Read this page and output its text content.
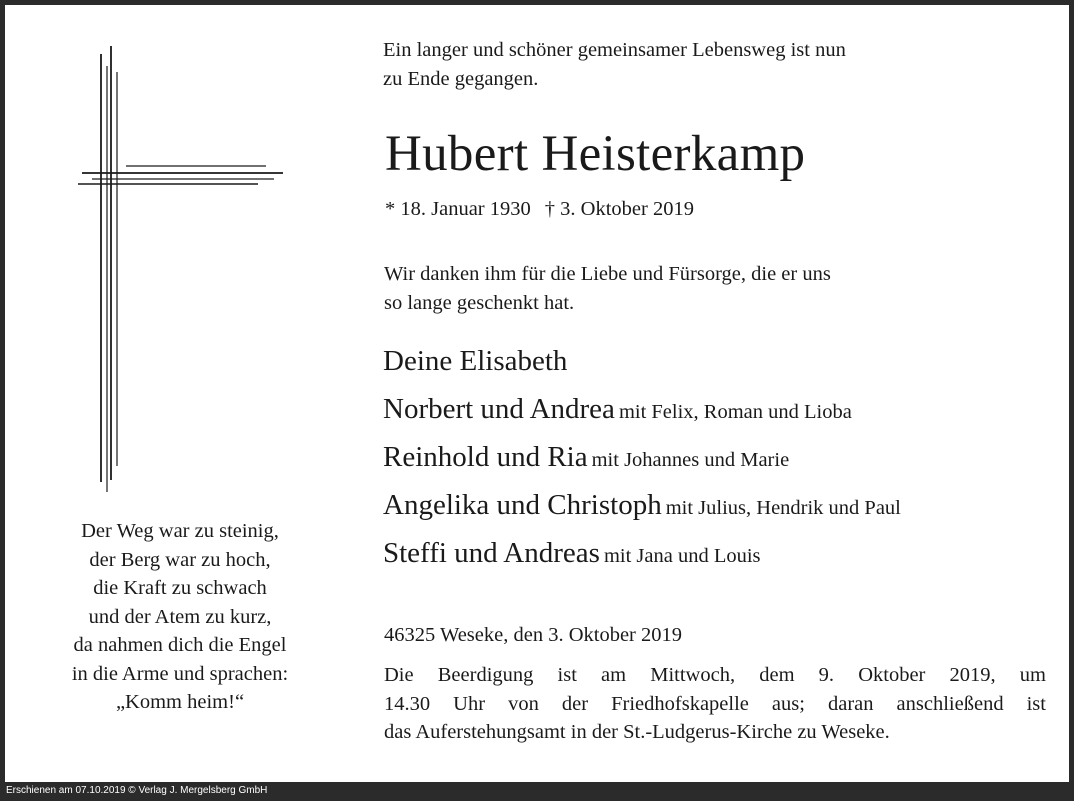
Der Weg war zu steinig,
der Berg war zu hoch,
die Kraft zu schwach
und der Atem zu kurz,
da nahmen dich die Engel
in die Arme und sprachen:
„Komm heim!“
Ein langer und schöner gemeinsamer Lebensweg ist nun
zu Ende gegangen.
Hubert Heisterkamp
* 18. Januar 1930 † 3. Oktober 2019
Wir danken ihm für die Liebe und Fürsorge, die er uns
so lange geschenkt hat.
Deine Elisabeth
Norbert und Andrea mit Felix, Roman und Lioba
Reinhold und Ria mit Johannes und Marie
Angelika und Christoph mit Julius, Hendrik und Paul
Steffi und Andreas mit Jana und Louis
46325 Weseke, den 3. Oktober 2019
Die Beerdigung ist am Mittwoch, dem 9. Oktober 2019, um
14.30 Uhr von der Friedhofskapelle aus; daran anschließend ist
das Auferstehungsamt in der St.-Ludgerus-Kirche zu Weseke.
Erschienen am 07.10.2019 © Verlag J. Mergelsberg GmbH
